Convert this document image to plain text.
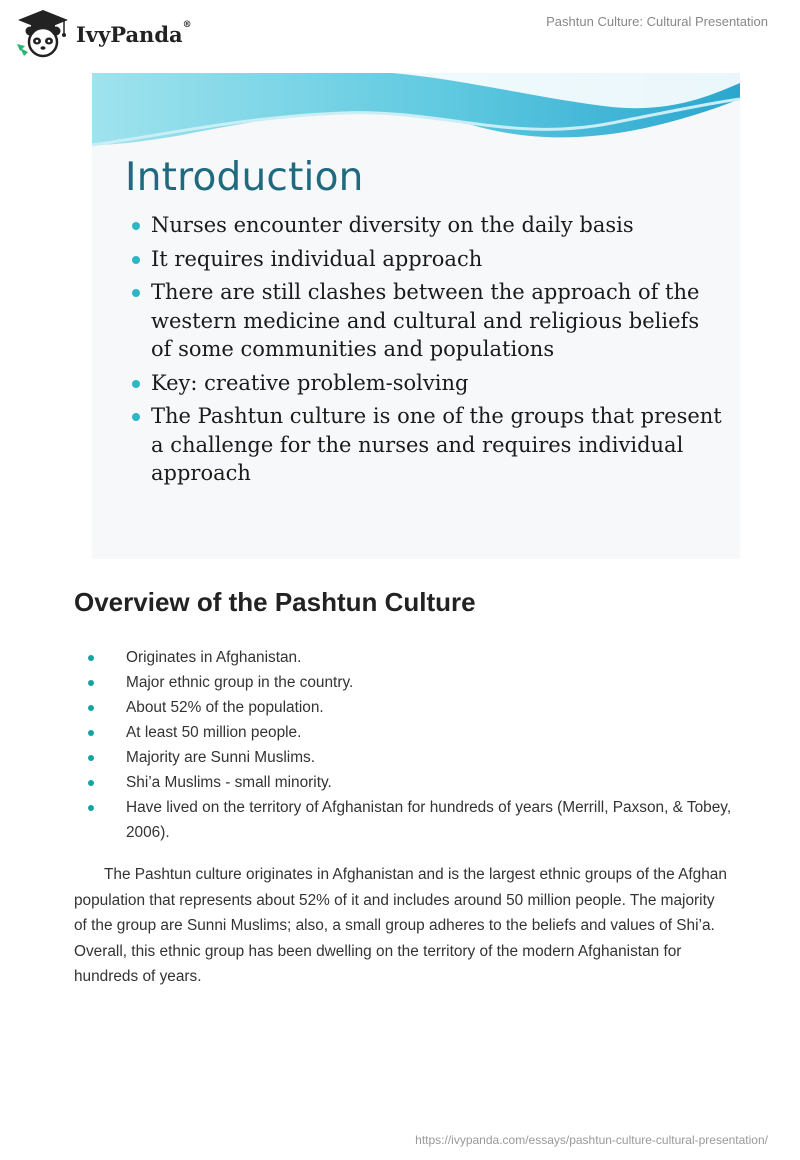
IvyPanda®	Pashtun Culture: Cultural Presentation
Introduction
Nurses encounter diversity on the daily basis
It requires individual approach
There are still clashes between the approach of the western medicine and cultural and religious beliefs of some communities and populations
Key: creative problem-solving
The Pashtun culture is one of the groups that present a challenge for the nurses and requires individual approach
Overview of the Pashtun Culture
Originates in Afghanistan.
Major ethnic group in the country.
About 52% of the population.
At least 50 million people.
Majority are Sunni Muslims.
Shi’a Muslims - small minority.
Have lived on the territory of Afghanistan for hundreds of years (Merrill, Paxson, & Tobey, 2006).

The Pashtun culture originates in Afghanistan and is the largest ethnic groups of the Afghan population that represents about 52% of it and includes around 50 million people. The majority of the group are Sunni Muslims; also, a small group adheres to the beliefs and values of Shi’a. Overall, this ethnic group has been dwelling on the territory of the modern Afghanistan for hundreds of years.

https://ivypanda.com/essays/pashtun-culture-cultural-presentation/
